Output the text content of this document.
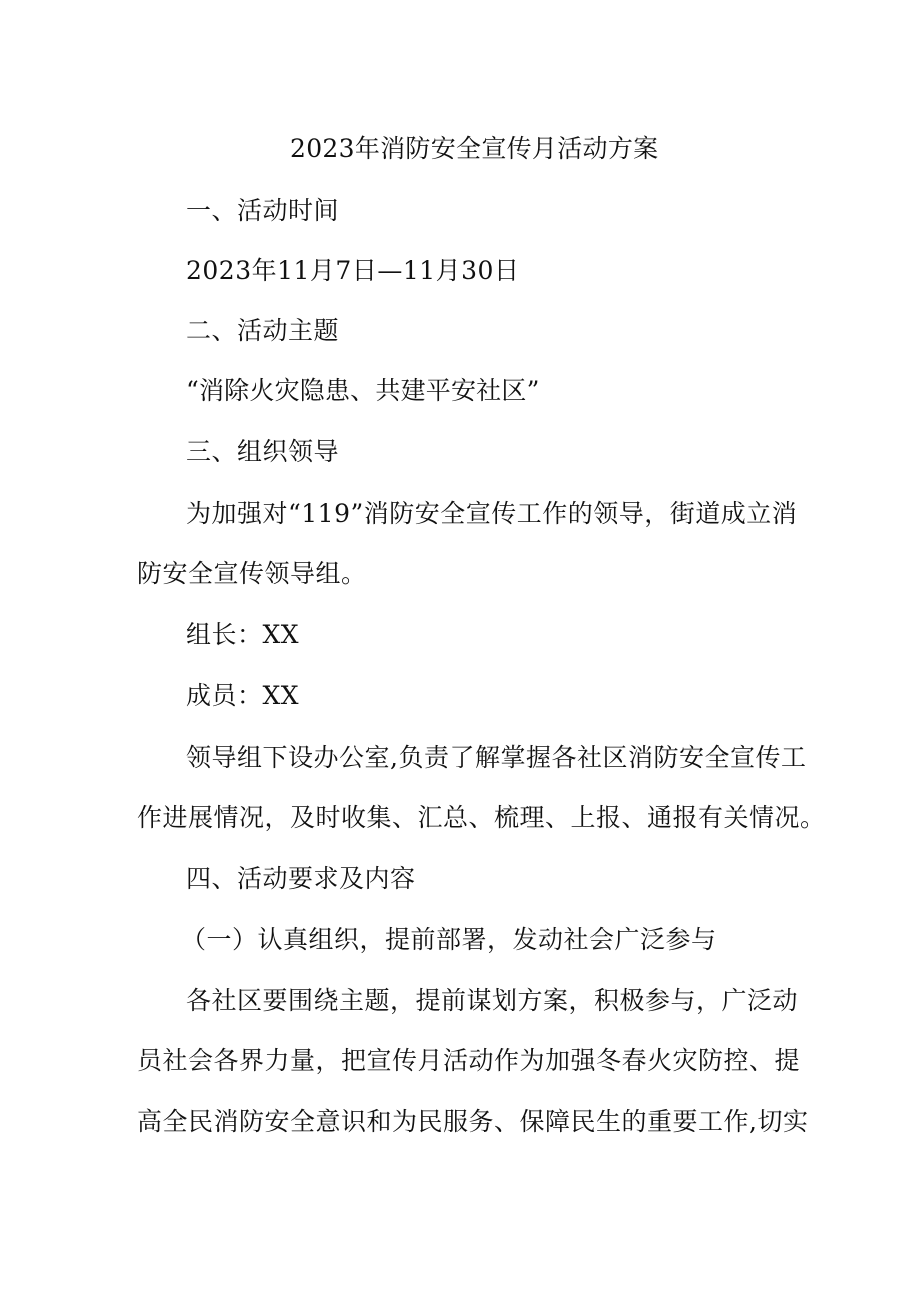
2023年消防安全宣传月活动方案
一、活动时间
2023年11月7日—11月30日
二、活动主题
“消除火灾隐患、共建平安社区”
三、组织领导
为加强对“119”消防安全宣传工作的领导，街道成立消
防安全宣传领导组。
组长：XX
成员：XX
领导组下设办公室,负责了解掌握各社区消防安全宣传工
作进展情况，及时收集、汇总、梳理、上报、通报有关情况。
四、活动要求及内容
（一）认真组织，提前部署，发动社会广泛参与
各社区要围绕主题，提前谋划方案，积极参与，广泛动
员社会各界力量，把宣传月活动作为加强冬春火灾防控、提
高全民消防安全意识和为民服务、保障民生的重要工作,切实
